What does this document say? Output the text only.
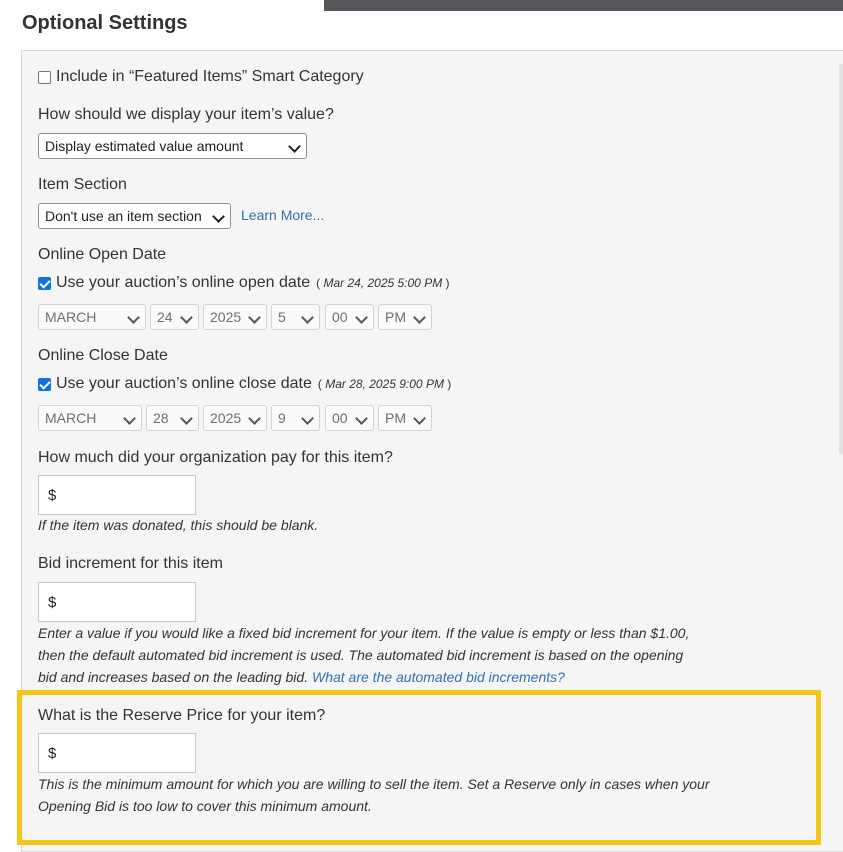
Optional Settings
Include in “Featured Items” Smart Category
How should we display your item’s value?
Display estimated value amount
Item Section
Don't use an item section	Learn More...
Online Open Date
Use your auction’s online open date ( Mar 24, 2025 5:00 PM )
MARCH	24	2025	5	00	PM
Online Close Date
Use your auction’s online close date ( Mar 28, 2025 9:00 PM )
MARCH	28	2025	9	00	PM
How much did your organization pay for this item?
$
If the item was donated, this should be blank.
Bid increment for this item
$
Enter a value if you would like a fixed bid increment for your item. If the value is empty or less than $1.00,
then the default automated bid increment is used. The automated bid increment is based on the opening
bid and increases based on the leading bid. What are the automated bid increments?
What is the Reserve Price for your item?
$
This is the minimum amount for which you are willing to sell the item. Set a Reserve only in cases when your
Opening Bid is too low to cover this minimum amount.
